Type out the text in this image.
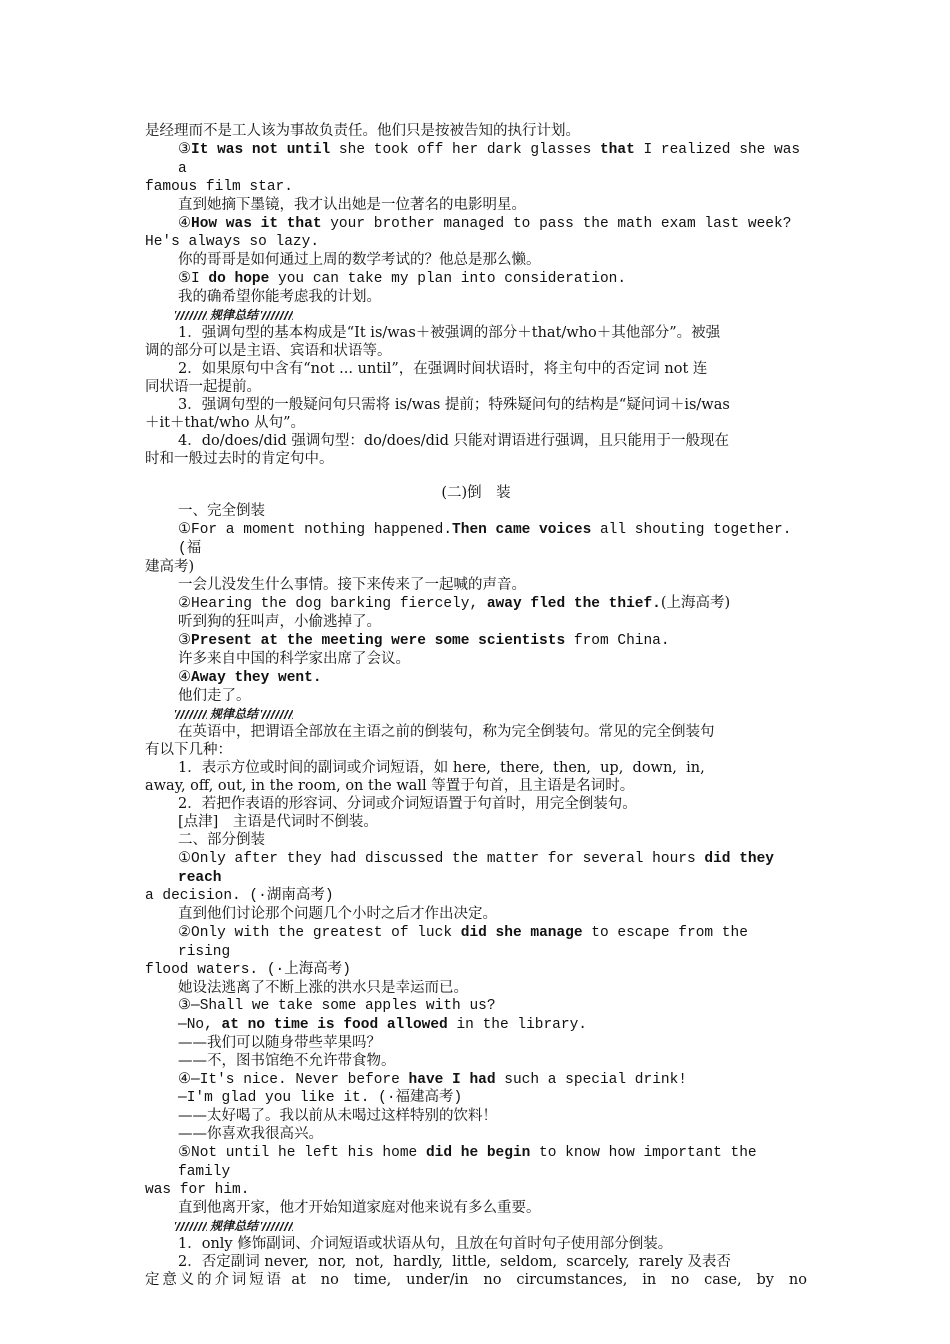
是经理而不是工人该为事故负责任。他们只是按被告知的执行计划。
③It was not until she took off her dark glasses that I realized she was a
famous film star.
直到她摘下墨镜，我才认出她是一位著名的电影明星。
④How was it that your brother managed to pass the math exam last week?
He's always so lazy.
你的哥哥是如何通过上周的数学考试的？他总是那么懒。
⑤I do hope you can take my plan into consideration.
我的确希望你能考虑我的计划。
规律总结
1．强调句型的基本构成是“It is/was＋被强调的部分＋that/who＋其他部分”。被强
调的部分可以是主语、宾语和状语等。
2．如果原句中含有“not ... until”，在强调时间状语时，将主句中的否定词 not 连
同状语一起提前。
3．强调句型的一般疑问句只需将 is/was 提前；特殊疑问句的结构是“疑问词＋is/was
＋it＋that/who 从句”。
4．do/does/did 强调句型：do/does/did 只能对谓语进行强调，且只能用于一般现在
时和一般过去时的肯定句中。
(二)倒　装
一、完全倒装
①For a moment nothing happened.Then came voices all shouting together. (福
建高考)
一会儿没发生什么事情。接下来传来了一起喊的声音。
②Hearing the dog barking fiercely, away fled the thief.(上海高考)
听到狗的狂叫声，小偷逃掉了。
③Present at the meeting were some scientists from China.
许多来自中国的科学家出席了会议。
④Away they went.
他们走了。
规律总结
在英语中，把谓语全部放在主语之前的倒装句，称为完全倒装句。常见的完全倒装句
有以下几种：
1．表示方位或时间的副词或介词短语，如 here,  there,  then,  up,  down,  in,
away, off, out, in the room, on the wall 等置于句首，且主语是名词时。
2．若把作表语的形容词、分词或介词短语置于句首时，用完全倒装句。
[点津]　主语是代词时不倒装。
二、部分倒装
①Only after they had discussed the matter for several hours did they reach
a decision. (·湖南高考)
直到他们讨论那个问题几个小时之后才作出决定。
②Only with the greatest of luck did she manage to escape from the rising
flood waters. (·上海高考)
她设法逃离了不断上涨的洪水只是幸运而已。
③—Shall we take some apples with us?
—No, at no time is food allowed in the library.
——我们可以随身带些苹果吗？
——不，图书馆绝不允许带食物。
④—It's nice. Never before have I had such a special drink!
—I'm glad you like it. (·福建高考)
——太好喝了。我以前从未喝过这样特别的饮料！
——你喜欢我很高兴。
⑤Not until he left his home did he begin to know how important the family
was for him.
直到他离开家，他才开始知道家庭对他来说有多么重要。
规律总结
1．only 修饰副词、介词短语或状语从句，且放在句首时句子使用部分倒装。
2．否定副词 never,  nor,  not,  hardly,  little,  seldom,  scarcely,  rarely 及表否
定意义的介词短语 at  no  time,  under/in  no  circumstances,  in  no  case,  by  no
